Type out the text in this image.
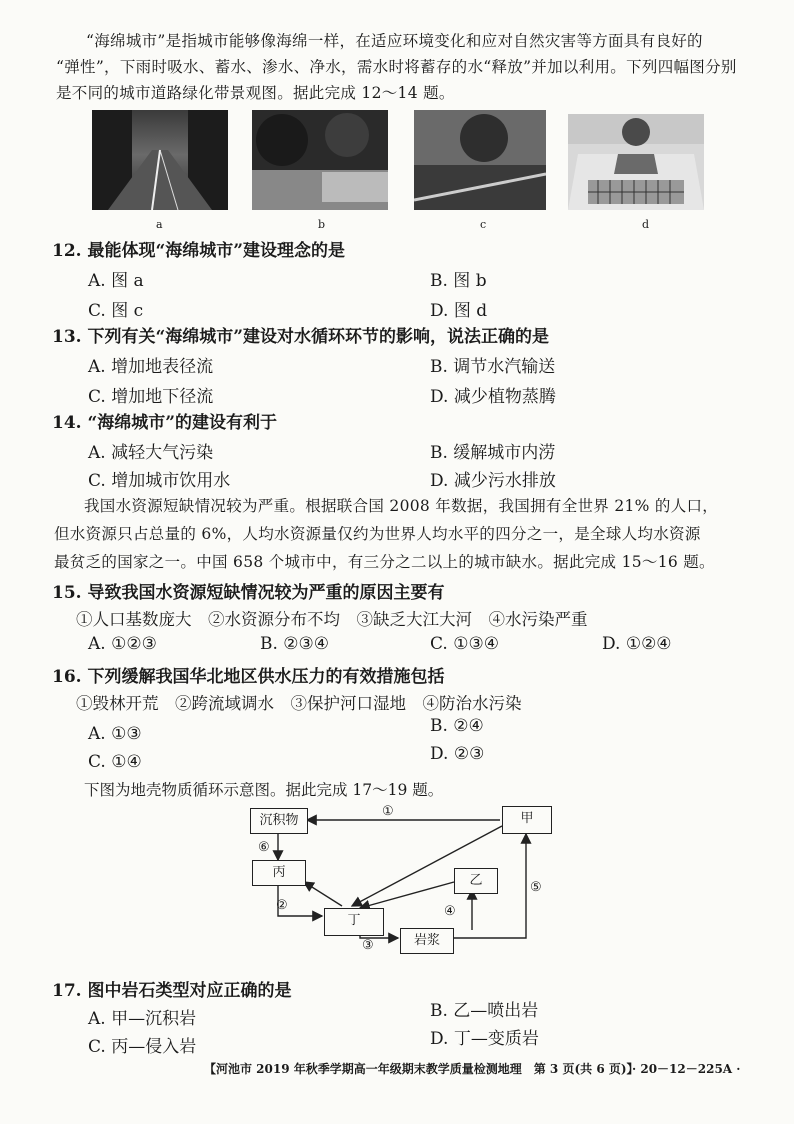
“海绵城市”是指城市能够像海绵一样，在适应环境变化和应对自然灾害等方面具有良好的
“弹性”，下雨时吸水、蓄水、渗水、净水，需水时将蓄存的水“释放”并加以利用。下列四幅图分别
是不同的城市道路绿化带景观图。据此完成 12～14 题。
a	b	c	d
12. 最能体现“海绵城市”建设理念的是
A. 图 a	B. 图 b
C. 图 c	D. 图 d
13. 下列有关“海绵城市”建设对水循环环节的影响，说法正确的是
A. 增加地表径流	B. 调节水汽输送
C. 增加地下径流	D. 减少植物蒸腾
14. “海绵城市”的建设有利于
A. 减轻大气污染	B. 缓解城市内涝
C. 增加城市饮用水	D. 减少污水排放
我国水资源短缺情况较为严重。根据联合国 2008 年数据，我国拥有全世界 21% 的人口，
但水资源只占总量的 6%，人均水资源量仅约为世界人均水平的四分之一，是全球人均水资源
最贫乏的国家之一。中国 658 个城市中，有三分之二以上的城市缺水。据此完成 15～16 题。
15. 导致我国水资源短缺情况较为严重的原因主要有
①人口基数庞大　②水资源分布不均　③缺乏大江大河　④水污染严重
A. ①②③	B. ②③④	C. ①③④	D. ①②④
16. 下列缓解我国华北地区供水压力的有效措施包括
①毁林开荒　②跨流域调水　③保护河口湿地　④防治水污染
A. ①③	B. ②④
C. ①④	D. ②③
下图为地壳物质循环示意图。据此完成 17～19 题。
沉积物	甲
丙
乙
丁
岩浆
①
⑥
②
③
④
⑤
17. 图中岩石类型对应正确的是
A. 甲—沉积岩	B. 乙—喷出岩
C. 丙—侵入岩	D. 丁—变质岩
【河池市 2019 年秋季学期高一年级期末教学质量检测地理　第 3 页(共 6 页)】
· 20－12－225A ·
